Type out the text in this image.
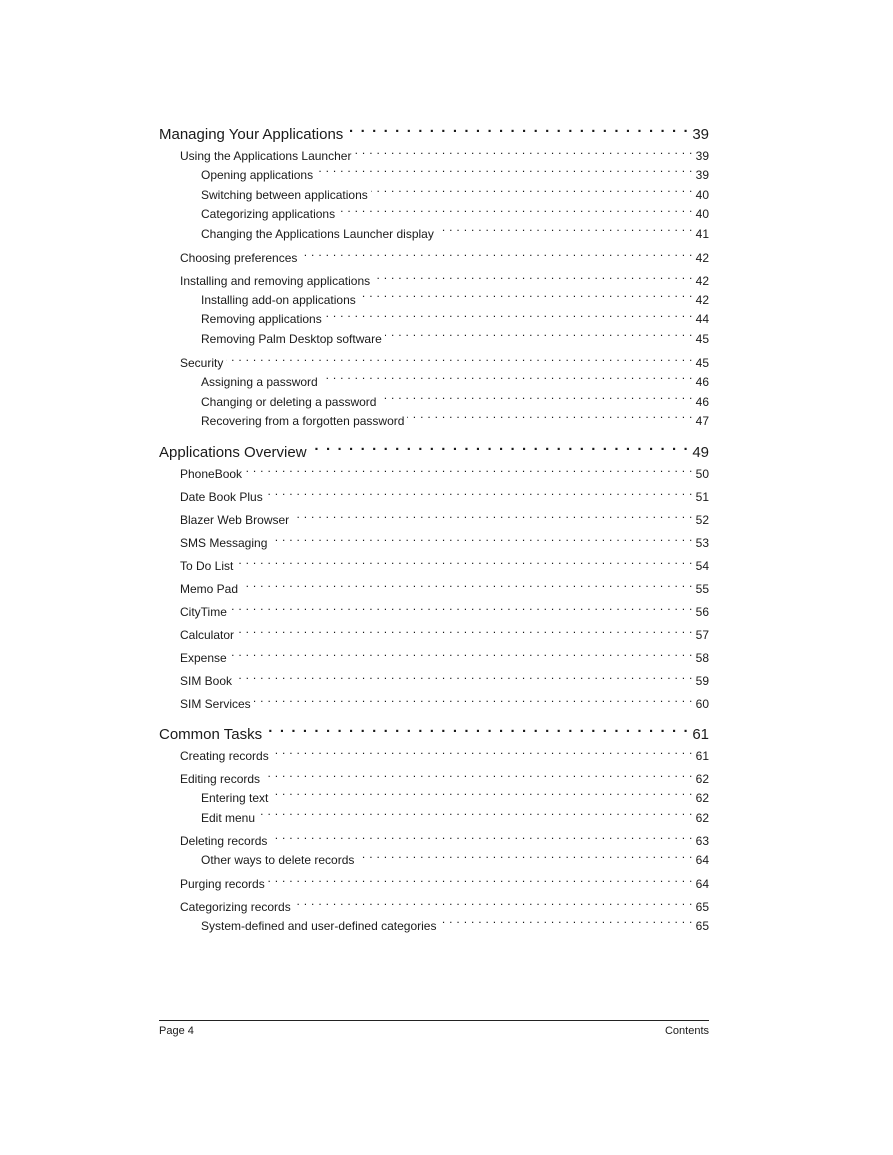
Managing Your Applications . . .	39
Using the Applications Launcher . . .	39
Opening applications . . .	39
Switching between applications . . .	40
Categorizing applications . . .	40
Changing the Applications Launcher display . . .	41
Choosing preferences . . .	42
Installing and removing applications . . .	42
Installing add-on applications . . .	42
Removing applications . . .	44
Removing Palm Desktop software . . .	45
Security . . .	45
Assigning a password . . .	46
Changing or deleting a password . . .	46
Recovering from a forgotten password . . .	47
Applications Overview . . .	49
PhoneBook . . .	50
Date Book Plus . . .	51
Blazer Web Browser . . .	52
SMS Messaging . . .	53
To Do List . . .	54
Memo Pad . . .	55
CityTime . . .	56
Calculator . . .	57
Expense . . .	58
SIM Book . . .	59
SIM Services . . .	60
Common Tasks . . .	61
Creating records . . .	61
Editing records . . .	62
Entering text . . .	62
Edit menu . . .	62
Deleting records . . .	63
Other ways to delete records . . .	64
Purging records . . .	64
Categorizing records . . .	65
System-defined and user-defined categories . . .	65
Page 4	Contents
